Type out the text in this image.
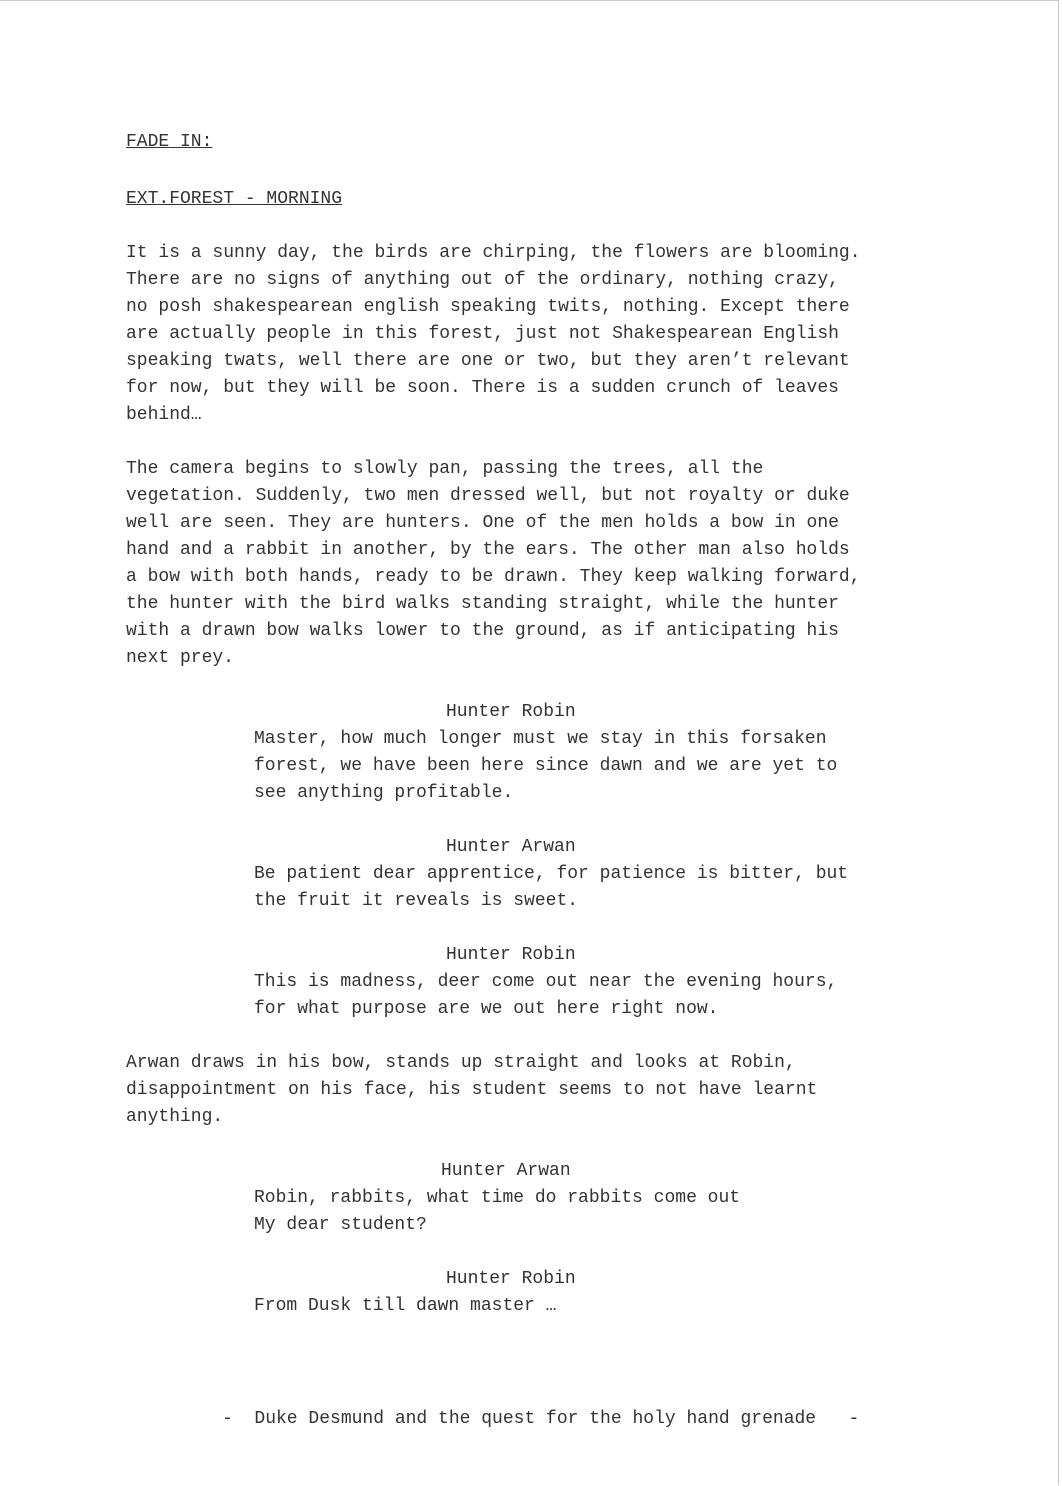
FADE IN:

EXT.FOREST - MORNING

It is a sunny day, the birds are chirping, the flowers are blooming.

There are no signs of anything out of the ordinary, nothing crazy,

no posh shakespearean english speaking twits, nothing. Except there

are actually people in this forest, just not Shakespearean English

speaking twats, well there are one or two, but they aren’t relevant

for now, but they will be soon. There is a sudden crunch of leaves

behind…

The camera begins to slowly pan, passing the trees, all the

vegetation. Suddenly, two men dressed well, but not royalty or duke

well are seen. They are hunters. One of the men holds a bow in one

hand and a rabbit in another, by the ears. The other man also holds

a bow with both hands, ready to be drawn. They keep walking forward,

the hunter with the bird walks standing straight, while the hunter

with a drawn bow walks lower to the ground, as if anticipating his

next prey.

Hunter Robin

Master, how much longer must we stay in this forsaken

forest, we have been here since dawn and we are yet to

see anything profitable.

Hunter Arwan

Be patient dear apprentice, for patience is bitter, but

the fruit it reveals is sweet.

Hunter Robin

This is madness, deer come out near the evening hours,

for what purpose are we out here right now.

Arwan draws in his bow, stands up straight and looks at Robin,

disappointment on his face, his student seems to not have learnt

anything.

Hunter Arwan

Robin, rabbits, what time do rabbits come out

My dear student?

Hunter Robin

From Dusk till dawn master …

-  Duke Desmund and the quest for the holy hand grenade   -
